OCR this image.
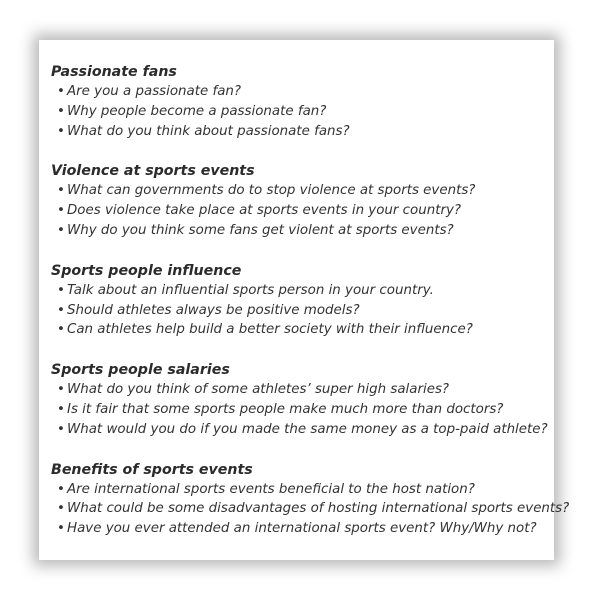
Passionate fans
• Are you a passionate fan?
• Why people become a passionate fan?
• What do you think about passionate fans?
Violence at sports events
• What can governments do to stop violence at sports events?
• Does violence take place at sports events in your country?
• Why do you think some fans get violent at sports events?
Sports people influence
• Talk about an influential sports person in your country.
• Should athletes always be positive models?
• Can athletes help build a better society with their influence?
Sports people salaries
• What do you think of some athletes’ super high salaries?
• Is it fair that some sports people make much more than doctors?
• What would you do if you made the same money as a top-paid athlete?
Benefits of sports events
• Are international sports events beneficial to the host nation?
• What could be some disadvantages of hosting international sports events?
• Have you ever attended an international sports event? Why/Why not?
